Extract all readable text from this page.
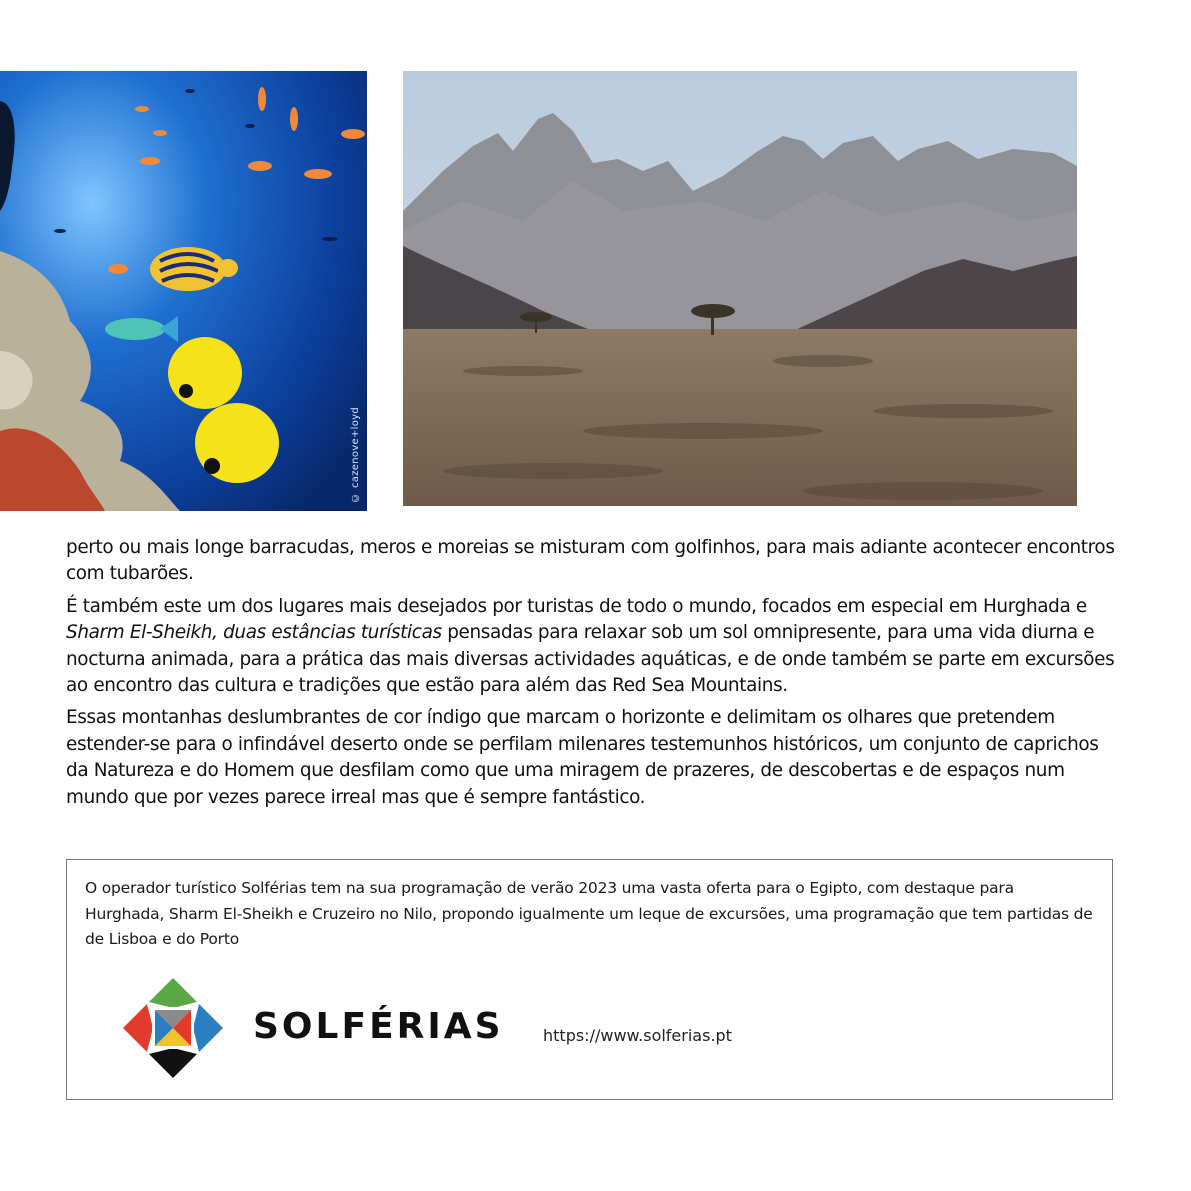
© cazenove+loyd

perto ou mais longe barracudas, meros e moreias se misturam com golfinhos, para mais adiante acontecer encontros com tubarões.

É também este um dos lugares mais desejados por turistas de todo o mundo, focados em especial em Hurghada e Sharm El-Sheikh, duas estâncias turísticas pensadas para relaxar sob um sol omnipresente, para uma vida diurna e nocturna animada, para a prática das mais diversas actividades aquáticas, e de onde também se parte em excursões ao encontro das cultura e tradições que estão para além das Red Sea Mountains.

Essas montanhas deslumbrantes de cor índigo que marcam o horizonte e delimitam os olhares que pretendem estender-se para o infindável deserto onde se perfilam milenares testemunhos históricos, um conjunto de caprichos da Natureza e do Homem que desfilam como que uma miragem de prazeres, de descobertas e de espaços num mundo que por vezes parece irreal mas que é sempre fantástico.

O operador turístico Solférias tem na sua programação de verão 2023 uma vasta oferta para o Egipto, com destaque para Hurghada, Sharm El-Sheikh e Cruzeiro no Nilo, propondo igualmente um leque de excursões, uma programação que tem partidas de de Lisboa e do Porto
SOLFÉRIAS https://www.solferias.pt
